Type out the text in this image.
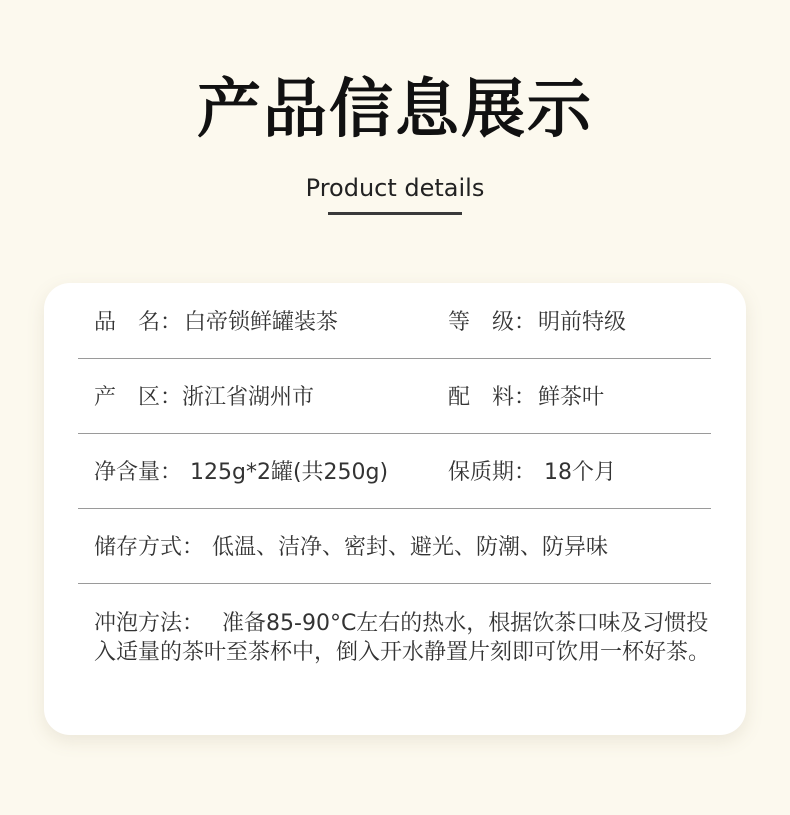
产品信息展示
Product details
品　名： 白帝锁鲜罐装茶	等　级： 明前特级
产　区： 浙江省湖州市	配　料： 鲜茶叶
净含量： 125g*2罐(共250g)	保质期： 18个月
储存方式： 低温、洁净、密封、避光、防潮、防异味
冲泡方法： 准备85-90°C左右的热水，根据饮茶口味及习惯投入适量的茶叶至茶杯中，倒入开水静置片刻即可饮用一杯好茶。
